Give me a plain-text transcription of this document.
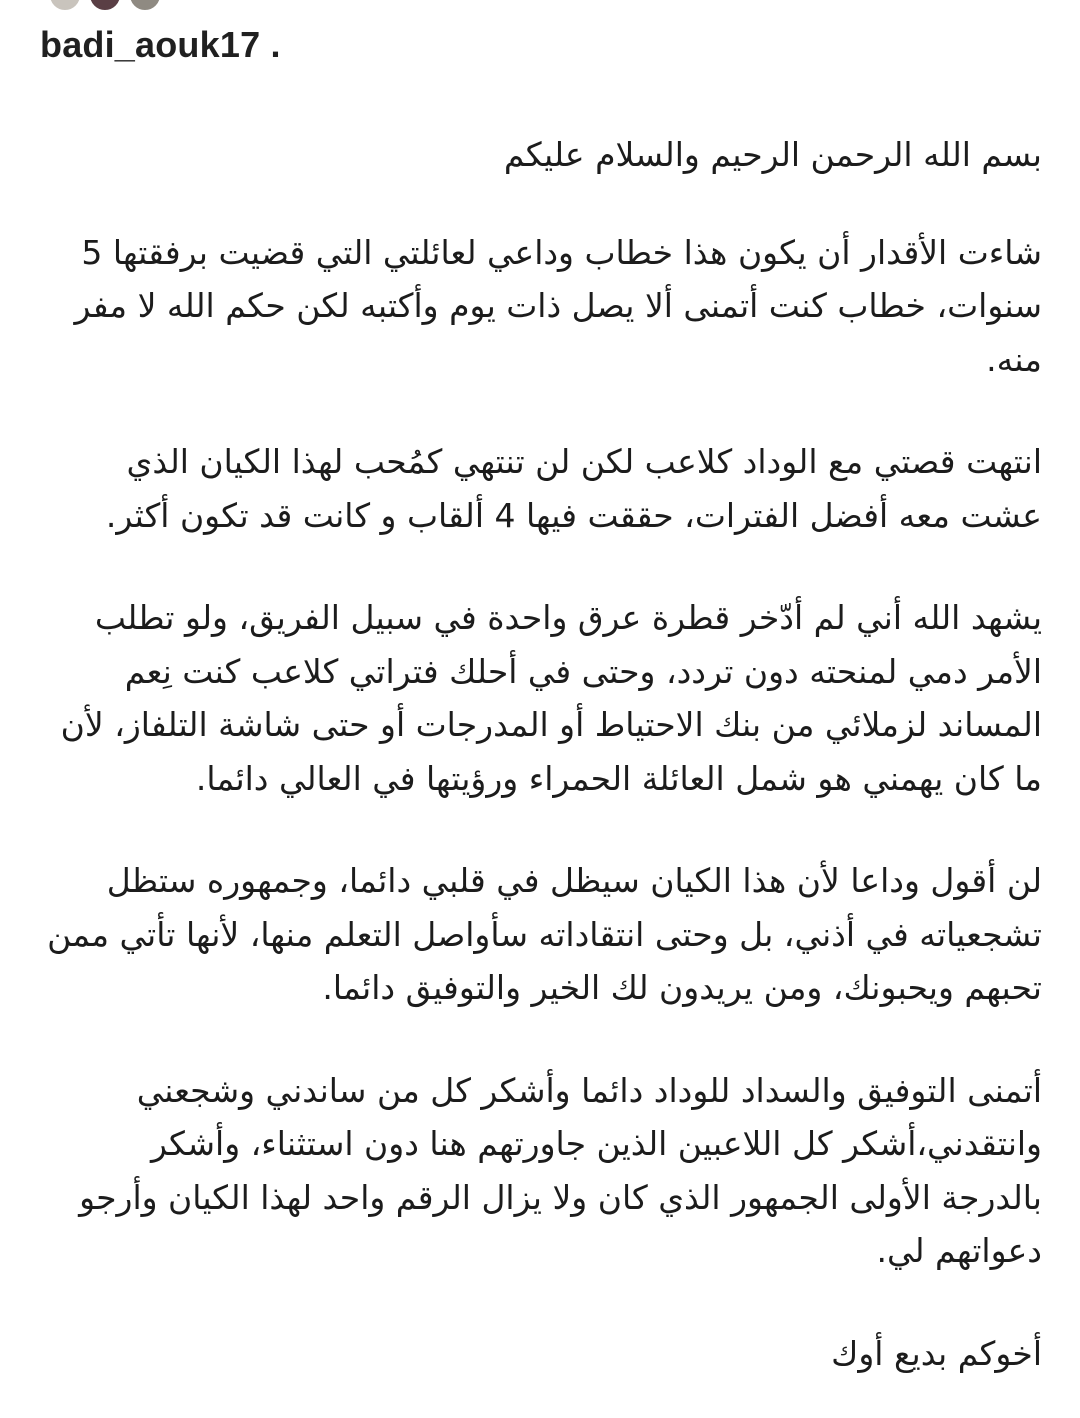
badi_aouk17 .

بسم الله الرحمن الرحيم والسلام عليكم

شاءت الأقدار أن يكون هذا خطاب وداعي لعائلتي التي قضيت برفقتها 5 سنوات، خطاب كنت أتمنى ألا يصل ذات يوم وأكتبه لكن حكم الله لا مفر منه.

انتهت قصتي مع الوداد كلاعب لكن لن تنتهي كمُحب لهذا الكيان الذي عشت معه أفضل الفترات، حققت فيها 4 ألقاب و كانت قد تكون أكثر.

يشهد الله أني لم أدّخر قطرة عرق واحدة في سبيل الفريق، ولو تطلب الأمر دمي لمنحته دون تردد، وحتى في أحلك فتراتي كلاعب كنت نِعم المساند لزملائي من بنك الاحتياط أو المدرجات أو حتى شاشة التلفاز، لأن ما كان يهمني هو شمل العائلة الحمراء ورؤيتها في العالي دائما.

لن أقول وداعا لأن هذا الكيان سيظل في قلبي دائما، وجمهوره ستظل تشجعياته في أذني، بل وحتى انتقاداته سأواصل التعلم منها، لأنها تأتي ممن تحبهم ويحبونك، ومن يريدون لك الخير والتوفيق دائما.

أتمنى التوفيق والسداد للوداد دائما وأشكر كل من ساندني وشجعني وانتقدني،أشكر كل اللاعبين الذين جاورتهم هنا دون استثناء، وأشكر بالدرجة الأولى الجمهور الذي كان ولا يزال الرقم واحد لهذا الكيان وأرجو دعواتهم لي.

أخوكم بديع أوك
